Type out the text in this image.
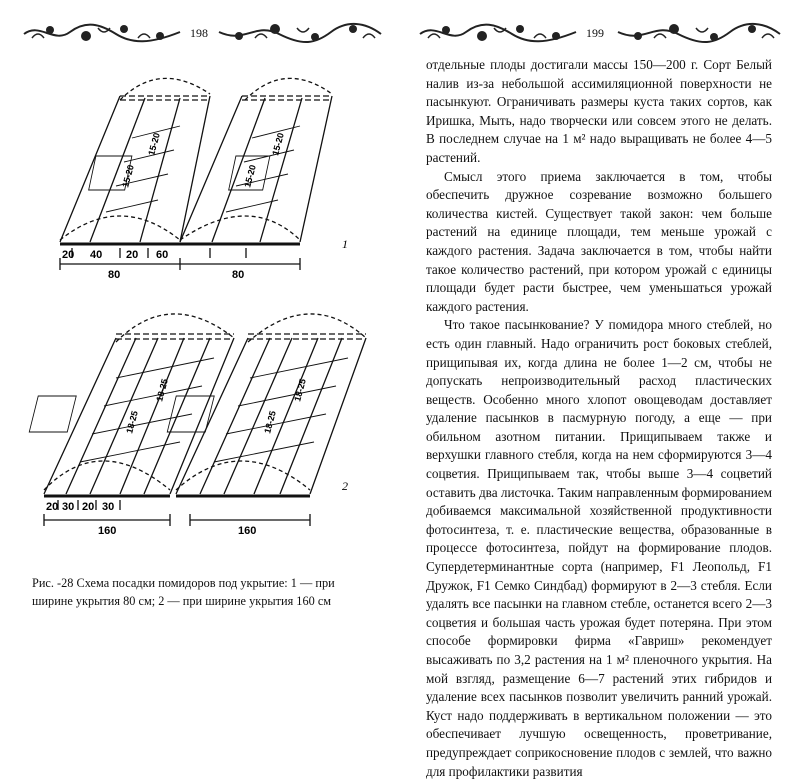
198
20 40 20 60
80	80
15-20
15-20
15-20
15-20
20 30 20 30
160	160
18-25
18-25
18-25
18-25
1
2
Рис. -28 Схема посадки помидоров под укрытие: 1 — при ширине укрытия 80 см; 2 — при ширине укрытия 160 см
199

отдельные плоды достигали массы 150—200 г. Сорт Белый налив из-за небольшой ассимиляционной поверхности не пасынкуют. Ограничивать размеры куста таких сортов, как Иришка, Мыть, надо творчески или совсем этого не делать. В последнем случае на 1 м² надо выращивать не более 4—5 растений.

Смысл этого приема заключается в том, чтобы обеспечить дружное созревание возможно большего количества кистей. Существует такой закон: чем больше растений на единице площади, тем меньше урожай с каждого растения. Задача заключается в том, чтобы найти такое количество растений, при котором урожай с единицы площади будет расти быстрее, чем уменьшаться урожай каждого растения.

Что такое пасынкование? У помидора много стеблей, но есть один главный. Надо ограничить рост боковых стеблей, прищипывая их, когда длина не более 1—2 см, чтобы не допускать непроизводительный расход пластических веществ. Особенно много хлопот овощеводам доставляет удаление пасынков в пасмурную погоду, а еще — при обильном азотном питании. Прищипываем также и верхушки главного стебля, когда на нем сформируются 3—4 соцветия. Прищипываем так, чтобы выше 3—4 соцветий оставить два листочка. Таким направленным формированием добиваемся максимальной хозяйственной продуктивности фотосинтеза, т. е. пластические вещества, образованные в процессе фотосинтеза, пойдут на формирование плодов. Супердетерминантные сорта (например, F1 Леопольд, F1 Дружок, F1 Семко Синдбад) формируют в 2—3 стебля. Если удалять все пасынки на главном стебле, останется всего 2—3 соцветия и большая часть урожая будет потеряна. При этом способе формировки фирма «Гавриш» рекомендует высаживать по 3,2 растения на 1 м² пленочного укрытия. На мой взгляд, размещение 6—7 растений этих гибридов и удаление всех пасынков позволит увеличить ранний урожай. Куст надо поддерживать в вертикальном положении — это обеспечивает лучшую освещенность, проветривание, предупреждает соприкосновение плодов с землей, что важно для профилактики развития
